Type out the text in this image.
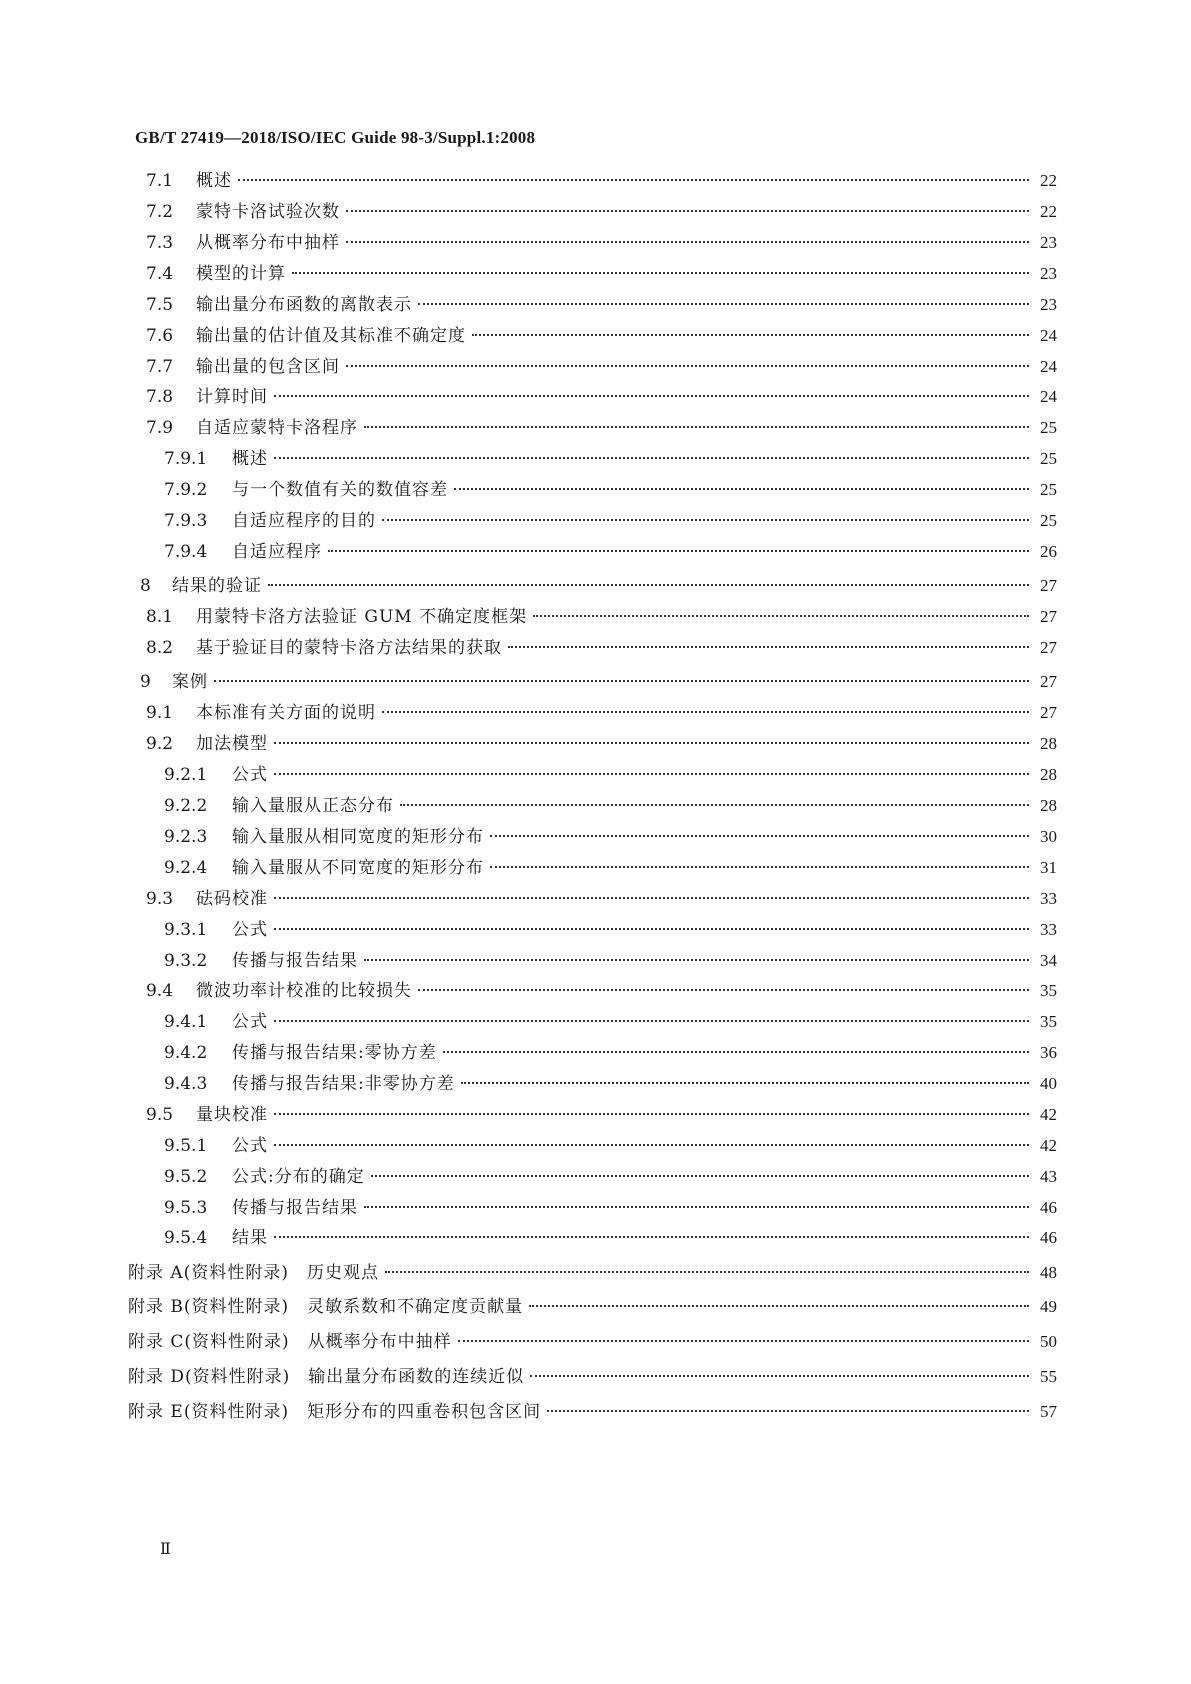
GB/T 27419—2018/ISO/IEC Guide 98-3/Suppl.1:2008
7.1	概述	22
7.2	蒙特卡洛试验次数	22
7.3	从概率分布中抽样	23
7.4	模型的计算	23
7.5	输出量分布函数的离散表示	23
7.6	输出量的估计值及其标准不确定度	24
7.7	输出量的包含区间	24
7.8	计算时间	24
7.9	自适应蒙特卡洛程序	25
7.9.1	概述	25
7.9.2	与一个数值有关的数值容差	25
7.9.3	自适应程序的目的	25
7.9.4	自适应程序	26
8	结果的验证	27
8.1	用蒙特卡洛方法验证 GUM 不确定度框架	27
8.2	基于验证目的蒙特卡洛方法结果的获取	27
9	案例	27
9.1	本标准有关方面的说明	27
9.2	加法模型	28
9.2.1	公式	28
9.2.2	输入量服从正态分布	28
9.2.3	输入量服从相同宽度的矩形分布	30
9.2.4	输入量服从不同宽度的矩形分布	31
9.3	砝码校准	33
9.3.1	公式	33
9.3.2	传播与报告结果	34
9.4	微波功率计校准的比较损失	35
9.4.1	公式	35
9.4.2	传播与报告结果:零协方差	36
9.4.3	传播与报告结果:非零协方差	40
9.5	量块校准	42
9.5.1	公式	42
9.5.2	公式:分布的确定	43
9.5.3	传播与报告结果	46
9.5.4	结果	46
附录 A(资料性附录)　历史观点	48
附录 B(资料性附录)　灵敏系数和不确定度贡献量	49
附录 C(资料性附录)　从概率分布中抽样	50
附录 D(资料性附录)　输出量分布函数的连续近似	55
附录 E(资料性附录)　矩形分布的四重卷积包含区间	57
Ⅱ
